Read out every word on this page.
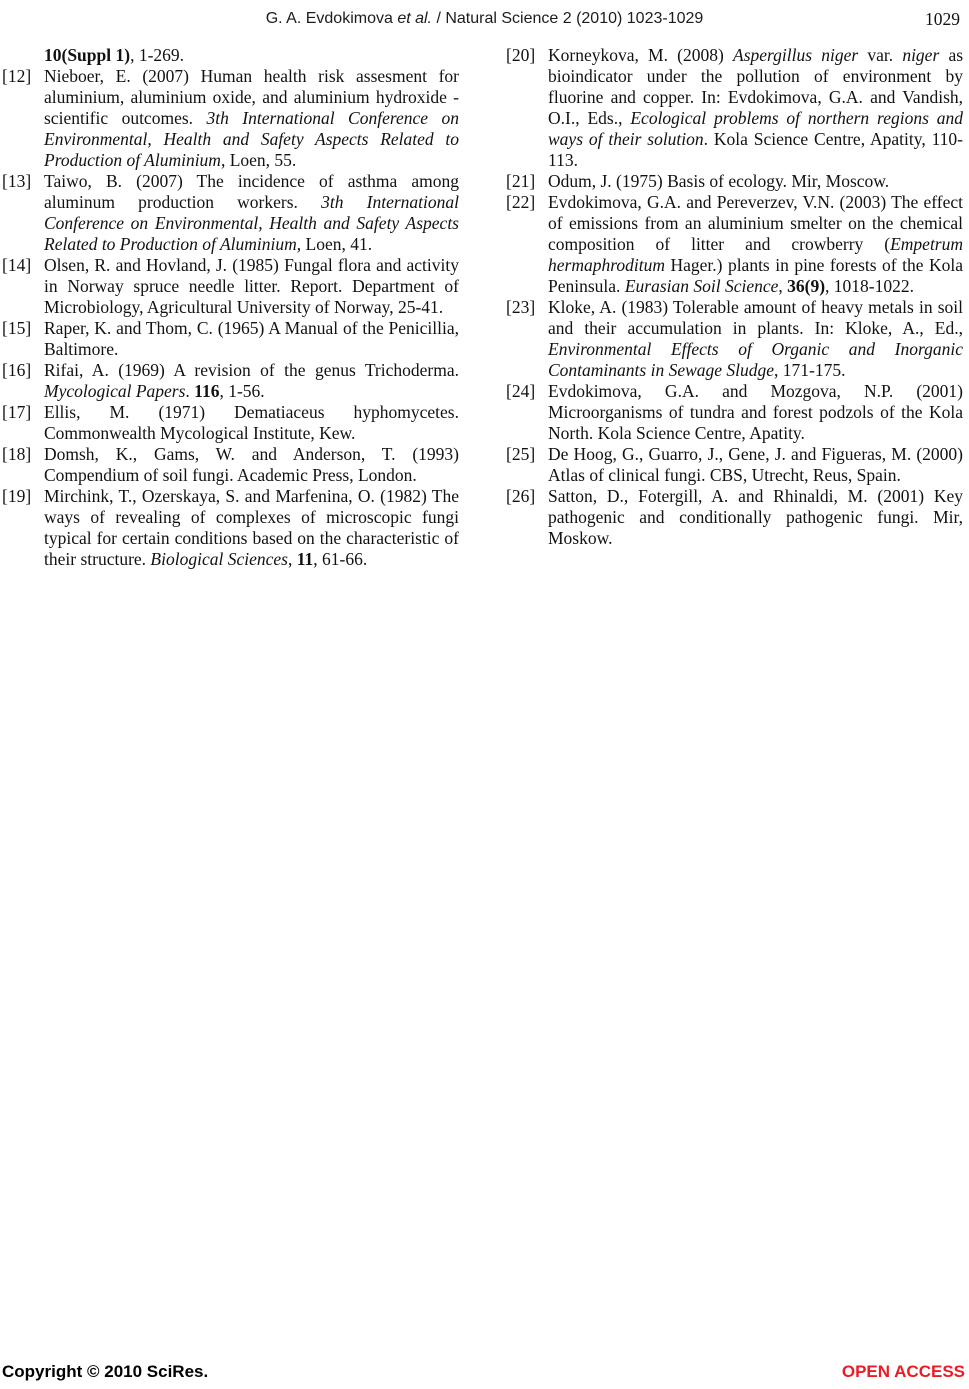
G. A. Evdokimova et al. / Natural Science 2 (2010) 1023-1029	1029
10(Suppl 1), 1-269.
[12] Nieboer, E. (2007) Human health risk assesment for aluminium, aluminium oxide, and aluminium hydroxide - scientific outcomes. 3th International Conference on Environmental, Health and Safety Aspects Related to Production of Aluminium, Loen, 55.
[13] Taiwo, B. (2007) The incidence of asthma among aluminum production workers. 3th International Conference on Environmental, Health and Safety Aspects Related to Production of Aluminium, Loen, 41.
[14] Olsen, R. and Hovland, J. (1985) Fungal flora and activity in Norway spruce needle litter. Report. Department of Microbiology, Agricultural University of Norway, 25-41.
[15] Raper, K. and Thom, C. (1965) A Manual of the Penicillia, Baltimore.
[16] Rifai, A. (1969) A revision of the genus Trichoderma. Mycological Papers. 116, 1-56.
[17] Ellis, M. (1971) Dematiaceus hyphomycetes. Commonwealth Mycological Institute, Kew.
[18] Domsh, K., Gams, W. and Anderson, T. (1993) Compendium of soil fungi. Academic Press, London.
[19] Mirchink, T., Ozerskaya, S. and Marfenina, O. (1982) The ways of revealing of complexes of microscopic fungi typical for certain conditions based on the characteristic of their structure. Biological Sciences, 11, 61-66.
[20] Korneykova, M. (2008) Aspergillus niger var. niger as bioindicator under the pollution of environment by fluorine and copper. In: Evdokimova, G.A. and Vandish, O.I., Eds., Ecological problems of northern regions and ways of their solution. Kola Science Centre, Apatity, 110-113.
[21] Odum, J. (1975) Basis of ecology. Mir, Moscow.
[22] Evdokimova, G.A. and Pereverzev, V.N. (2003) The effect of emissions from an aluminium smelter on the chemical composition of litter and crowberry (Empetrum hermaphroditum Hager.) plants in pine forests of the Kola Peninsula. Eurasian Soil Science, 36(9), 1018-1022.
[23] Kloke, A. (1983) Tolerable amount of heavy metals in soil and their accumulation in plants. In: Kloke, A., Ed., Environmental Effects of Organic and Inorganic Contaminants in Sewage Sludge, 171-175.
[24] Evdokimova, G.A. and Mozgova, N.P. (2001) Microorganisms of tundra and forest podzols of the Kola North. Kola Science Centre, Apatity.
[25] De Hoog, G., Guarro, J., Gene, J. and Figueras, M. (2000) Atlas of clinical fungi. CBS, Utrecht, Reus, Spain.
[26] Satton, D., Fotergill, A. and Rhinaldi, M. (2001) Key pathogenic and conditionally pathogenic fungi. Mir, Moskow.
Copyright © 2010 SciRes.	OPEN ACCESS
